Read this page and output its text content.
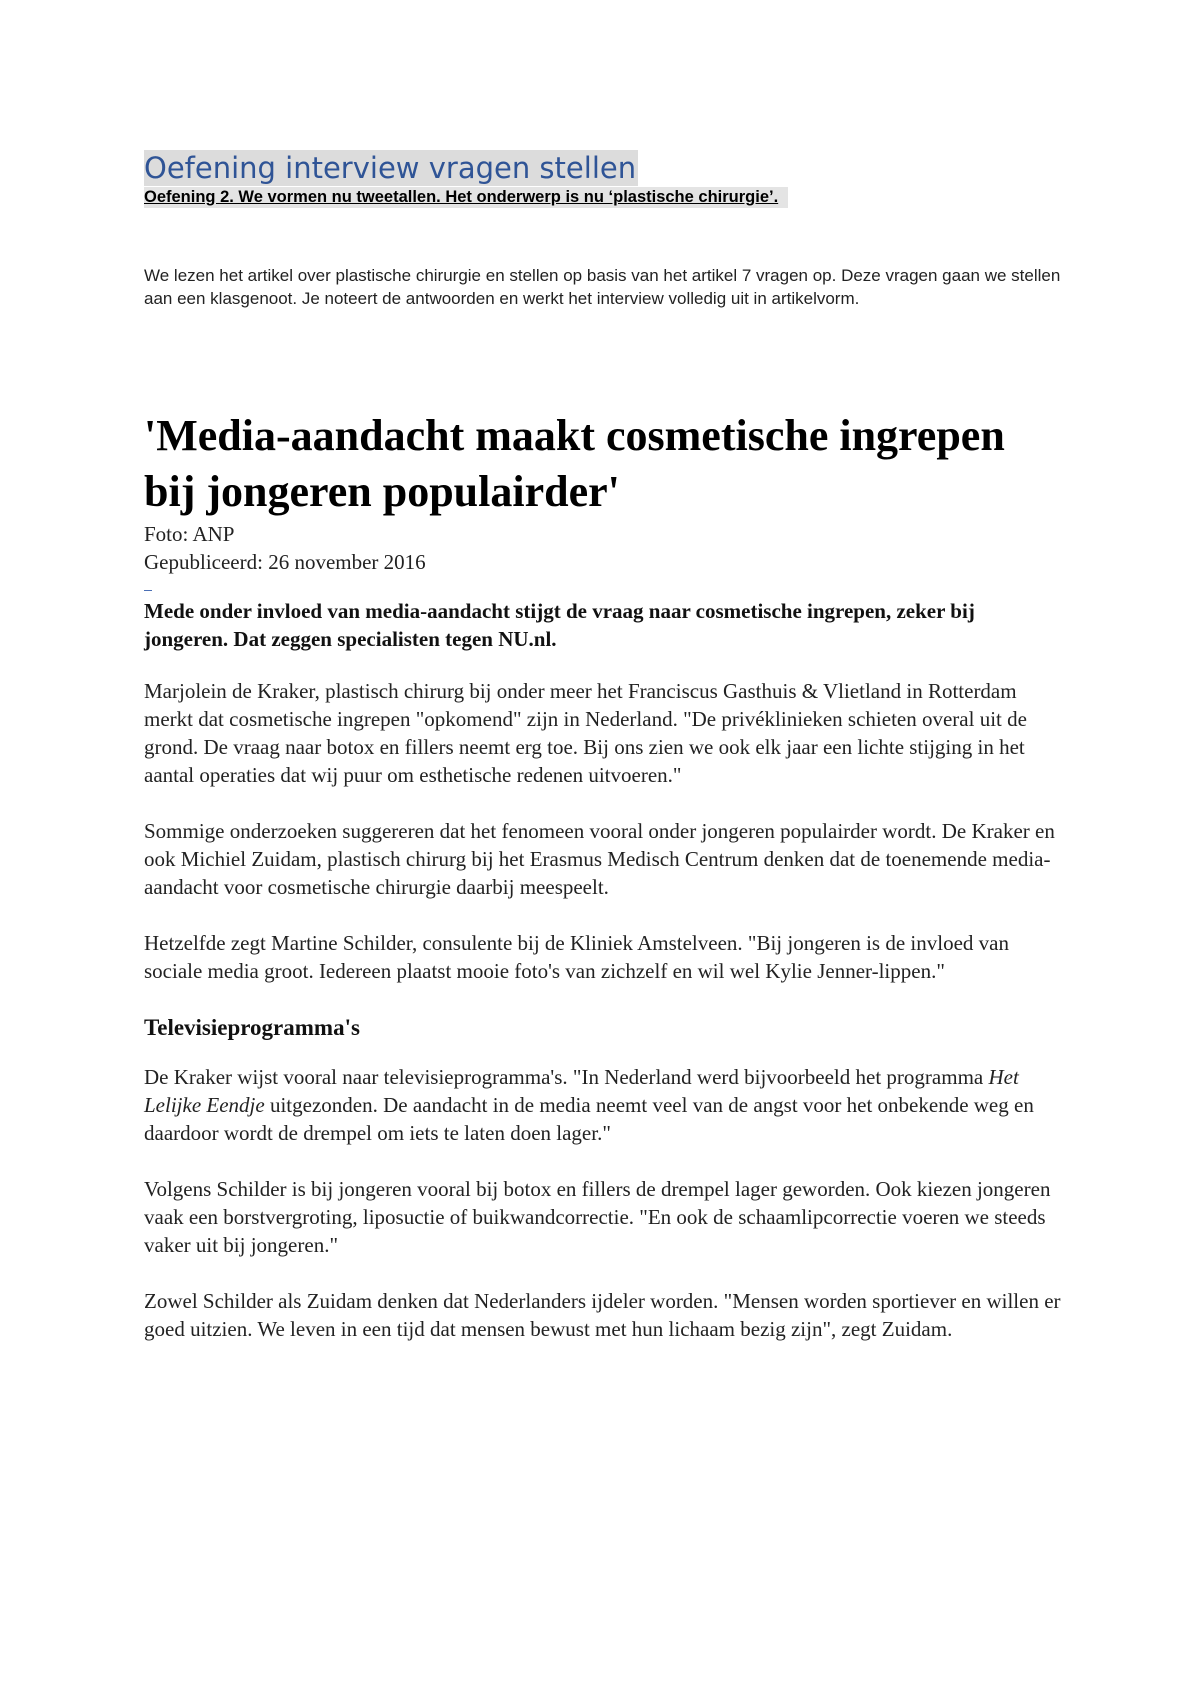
Oefening interview vragen stellen
Oefening 2. We vormen nu tweetallen. Het onderwerp is nu ‘plastische chirurgie’.

We lezen het artikel over plastische chirurgie en stellen op basis van het artikel 7 vragen op. Deze vragen gaan we stellen aan een klasgenoot. Je noteert de antwoorden en werkt het interview volledig uit in artikelvorm.

'Media-aandacht maakt cosmetische ingrepen bij jongeren populairder'

Foto: ANP

Gepubliceerd: 26 november 2016

Mede onder invloed van media-aandacht stijgt de vraag naar cosmetische ingrepen, zeker bij jongeren. Dat zeggen specialisten tegen NU.nl.

Marjolein de Kraker, plastisch chirurg bij onder meer het Franciscus Gasthuis & Vlietland in Rotterdam merkt dat cosmetische ingrepen "opkomend" zijn in Nederland. "De privéklinieken schieten overal uit de grond. De vraag naar botox en fillers neemt erg toe. Bij ons zien we ook elk jaar een lichte stijging in het aantal operaties dat wij puur om esthetische redenen uitvoeren."

Sommige onderzoeken suggereren dat het fenomeen vooral onder jongeren populairder wordt. De Kraker en ook Michiel Zuidam, plastisch chirurg bij het Erasmus Medisch Centrum denken dat de toenemende media-aandacht voor cosmetische chirurgie daarbij meespeelt.

Hetzelfde zegt Martine Schilder, consulente bij de Kliniek Amstelveen. "Bij jongeren is de invloed van sociale media groot. Iedereen plaatst mooie foto's van zichzelf en wil wel Kylie Jenner-lippen."

Televisieprogramma's

De Kraker wijst vooral naar televisieprogramma's. "In Nederland werd bijvoorbeeld het programma Het Lelijke Eendje uitgezonden. De aandacht in de media neemt veel van de angst voor het onbekende weg en daardoor wordt de drempel om iets te laten doen lager."

Volgens Schilder is bij jongeren vooral bij botox en fillers de drempel lager geworden. Ook kiezen jongeren vaak een borstvergroting, liposuctie of buikwandcorrectie. "En ook de schaamlipcorrectie voeren we steeds vaker uit bij jongeren."

Zowel Schilder als Zuidam denken dat Nederlanders ijdeler worden. "Mensen worden sportiever en willen er goed uitzien. We leven in een tijd dat mensen bewust met hun lichaam bezig zijn", zegt Zuidam.
